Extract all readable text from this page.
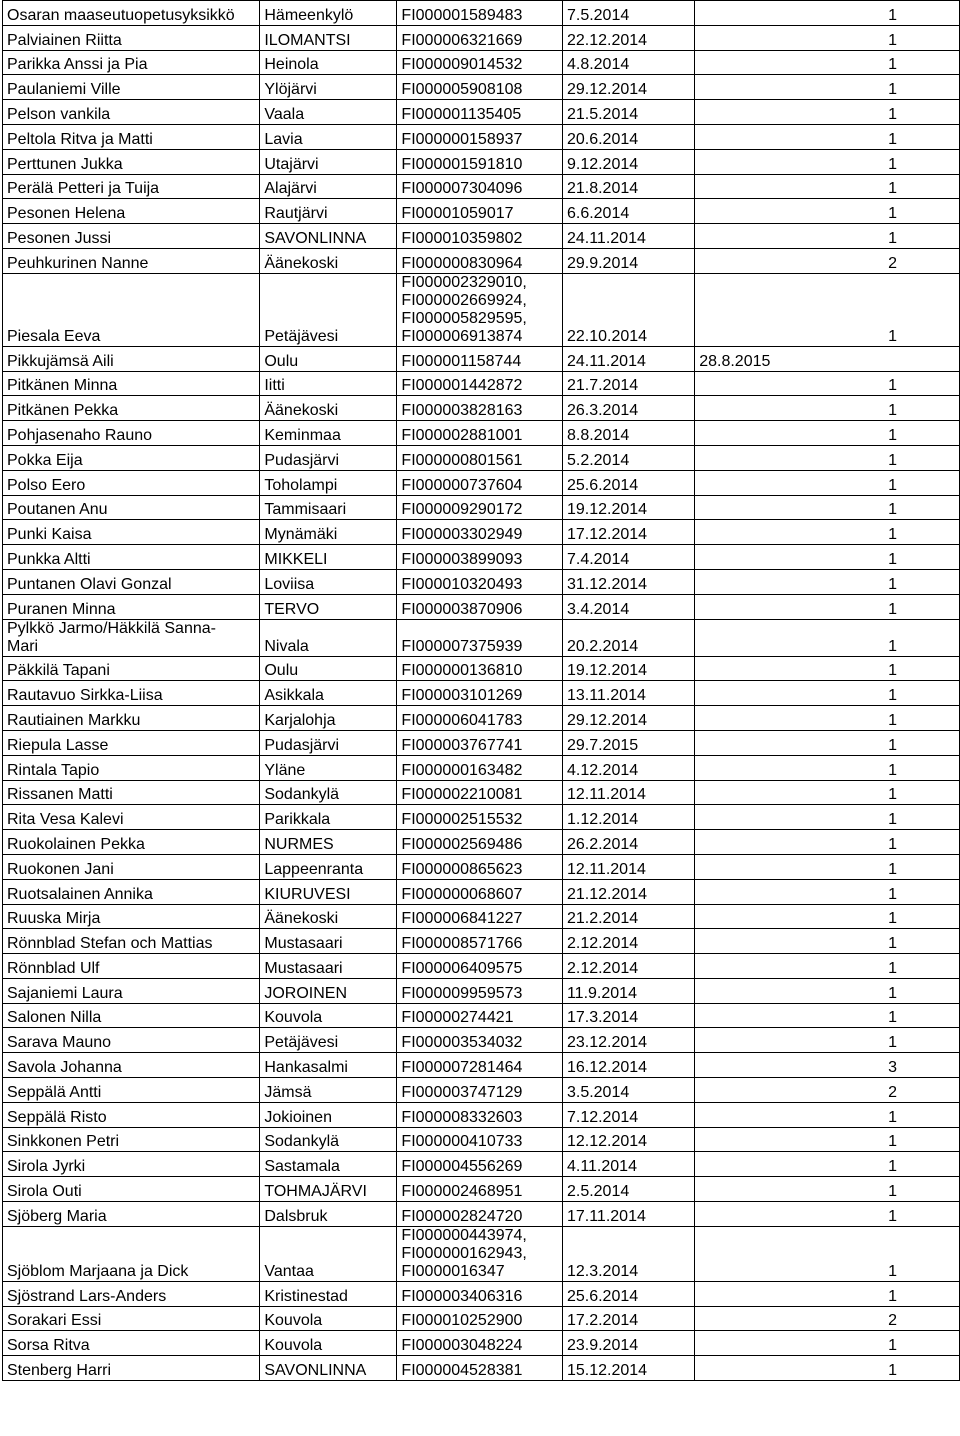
Osaran maaseutuopetusyksikkö	Hämeenkylö	FI000001589483	7.5.2014	1
Palviainen Riitta	ILOMANTSI	FI000006321669	22.12.2014	1
Parikka Anssi ja Pia	Heinola	FI000009014532	4.8.2014	1
Paulaniemi Ville	Ylöjärvi	FI000005908108	29.12.2014	1
Pelson vankila	Vaala	FI000001135405	21.5.2014	1
Peltola Ritva ja Matti	Lavia	FI000000158937	20.6.2014	1
Perttunen Jukka	Utajärvi	FI000001591810	9.12.2014	1
Perälä Petteri ja Tuija	Alajärvi	FI000007304096	21.8.2014	1
Pesonen Helena	Rautjärvi	FI00001059017	6.6.2014	1
Pesonen Jussi	SAVONLINNA	FI000010359802	24.11.2014	1
Peuhkurinen Nanne	Äänekoski	FI000000830964	29.9.2014	2
Piesala Eeva	Petäjävesi	FI000002329010,
FI000002669924,
FI000005829595,
FI000006913874	22.10.2014	1
Pikkujämsä Aili	Oulu	FI000001158744	24.11.2014	28.8.2015
Pitkänen Minna	Iitti	FI000001442872	21.7.2014	1
Pitkänen Pekka	Äänekoski	FI000003828163	26.3.2014	1
Pohjasenaho Rauno	Keminmaa	FI000002881001	8.8.2014	1
Pokka Eija	Pudasjärvi	FI000000801561	5.2.2014	1
Polso Eero	Toholampi	FI000000737604	25.6.2014	1
Poutanen Anu	Tammisaari	FI000009290172	19.12.2014	1
Punki Kaisa	Mynämäki	FI000003302949	17.12.2014	1
Punkka Altti	MIKKELI	FI000003899093	7.4.2014	1
Puntanen Olavi Gonzal	Loviisa	FI000010320493	31.12.2014	1
Puranen Minna	TERVO	FI000003870906	3.4.2014	1

Pylkkö Jarmo/Häkkilä Sanna-
Mari	Nivala	FI000007375939	20.2.2014	1
Päkkilä Tapani	Oulu	FI000000136810	19.12.2014	1
Rautavuo Sirkka-Liisa	Asikkala	FI000003101269	13.11.2014	1
Rautiainen Markku	Karjalohja	FI000006041783	29.12.2014	1
Riepula Lasse	Pudasjärvi	FI000003767741	29.7.2015	1
Rintala Tapio	Yläne	FI000000163482	4.12.2014	1
Rissanen Matti	Sodankylä	FI000002210081	12.11.2014	1
Rita Vesa Kalevi	Parikkala	FI000002515532	1.12.2014	1
Ruokolainen Pekka	NURMES	FI000002569486	26.2.2014	1
Ruokonen Jani	Lappeenranta	FI000000865623	12.11.2014	1
Ruotsalainen Annika	KIURUVESI	FI000000068607	21.12.2014	1
Ruuska Mirja	Äänekoski	FI000006841227	21.2.2014	1
Rönnblad Stefan och Mattias	Mustasaari	FI000008571766	2.12.2014	1
Rönnblad Ulf	Mustasaari	FI000006409575	2.12.2014	1
Sajaniemi Laura	JOROINEN	FI000009959573	11.9.2014	1
Salonen Nilla	Kouvola	FI00000274421	17.3.2014	1
Sarava Mauno	Petäjävesi	FI000003534032	23.12.2014	1
Savola Johanna	Hankasalmi	FI000007281464	16.12.2014	3
Seppälä Antti	Jämsä	FI000003747129	3.5.2014	2
Seppälä Risto	Jokioinen	FI000008332603	7.12.2014	1
Sinkkonen Petri	Sodankylä	FI000000410733	12.12.2014	1
Sirola Jyrki	Sastamala	FI000004556269	4.11.2014	1
Sirola Outi	TOHMAJÄRVI	FI000002468951	2.5.2014	1
Sjöberg Maria	Dalsbruk	FI000002824720	17.11.2014	1
Sjöblom Marjaana ja Dick	Vantaa	FI000000443974,
FI000000162943,
FI0000016347	12.3.2014	1
Sjöstrand Lars-Anders	Kristinestad	FI000003406316	25.6.2014	1
Sorakari Essi	Kouvola	FI000010252900	17.2.2014	2
Sorsa Ritva	Kouvola	FI000003048224	23.9.2014	1
Stenberg Harri	SAVONLINNA	FI000004528381	15.12.2014	1
